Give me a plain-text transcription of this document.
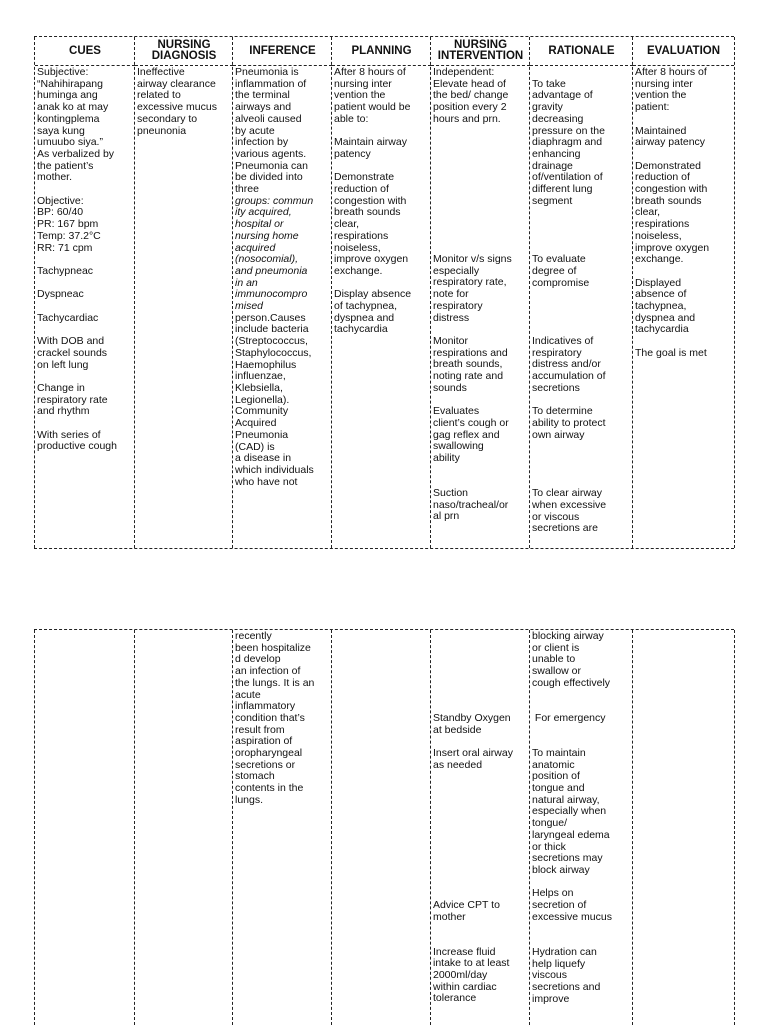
CUES
Subjective:
“Nahihirapang
huminga ang
anak ko at may
kontingplema
saya kung
umuubo siya.”
As verbalized by
the patient’s
mother.
Objective:
BP: 60/40
PR: 167 bpm
Temp: 37.2°C
RR: 71 cpm
Tachypneac
Dyspneac
Tachycardiac
With DOB and
crackel sounds
on left lung
Change in
respiratory rate
and rhythm
With series of
productive cough
NURSING DIAGNOSIS
Ineffective
airway clearance
related to
excessive mucus
secondary to
pneunonia
INFERENCE
Pneumonia is
inflammation of
the terminal
airways and
alveoli caused
by acute
infection by
various agents.
Pneumonia can
be divided into
three
groups: commun
ity acquired,
hospital or
nursing home
acquired
(nosocomial),
and pneumonia
in an
immunocompro
mised
person.Causes
include bacteria
(Streptococcus,
Staphylococcus,
Haemophilus
influenzae,
Klebsiella,
Legionella).
Community
Acquired
Pneumonia
(CAD) is
a disease in
which individuals
who have not
PLANNING
After 8 hours of
nursing inter
vention the
patient would be
able to:
Maintain airway
patency
Demonstrate
reduction of
congestion with
breath sounds
clear,
respirations
noiseless,
improve oxygen
exchange.
Display absence
of tachypnea,
dyspnea and
tachycardia
NURSING INTERVENTION
Independent:
Elevate head of
the bed/ change
position every 2
hours and prn.
Monitor v/s signs
especially
respiratory rate,
note for
respiratory
distress
Monitor
respirations and
breath sounds,
noting rate and
sounds
Evaluates
client’s cough or
gag reflex and
swallowing
ability
Suction
naso/tracheal/or
al prn
RATIONALE
To take
advantage of
gravity
decreasing
pressure on the
diaphragm and
enhancing
drainage
of/ventilation of
different lung
segment
To evaluate
degree of
compromise
Indicatives of
respiratory
distress and/or
accumulation of
secretions
To determine
ability to protect
own airway
To clear airway
when excessive
or viscous
secretions are
EVALUATION
After 8 hours of
nursing inter
vention the
patient:
Maintained
airway patency
Demonstrated
reduction of
congestion with
breath sounds
clear,
respirations
noiseless,
improve oxygen
exchange.
Displayed
absence of
tachypnea,
dyspnea and
tachycardia
The goal is met
recently
been hospitalize
d develop
an infection of
the lungs. It is an
acute
inflammatory
condition that’s
result from
aspiration of
oropharyngeal
secretions or
stomach
contents in the
lungs.
Standby Oxygen
at bedside
Insert oral airway
as needed
Advice CPT to
mother
Increase fluid
intake to at least
2000ml/day
within cardiac
tolerance
blocking airway
or client is
unable to
swallow or
cough effectively
For emergency
To maintain
anatomic
position of
tongue and
natural airway,
especially when
tongue/
laryngeal edema
or thick
secretions may
block airway
Helps on
secretion of
excessive mucus
Hydration can
help liquefy
viscous
secretions and
improve
